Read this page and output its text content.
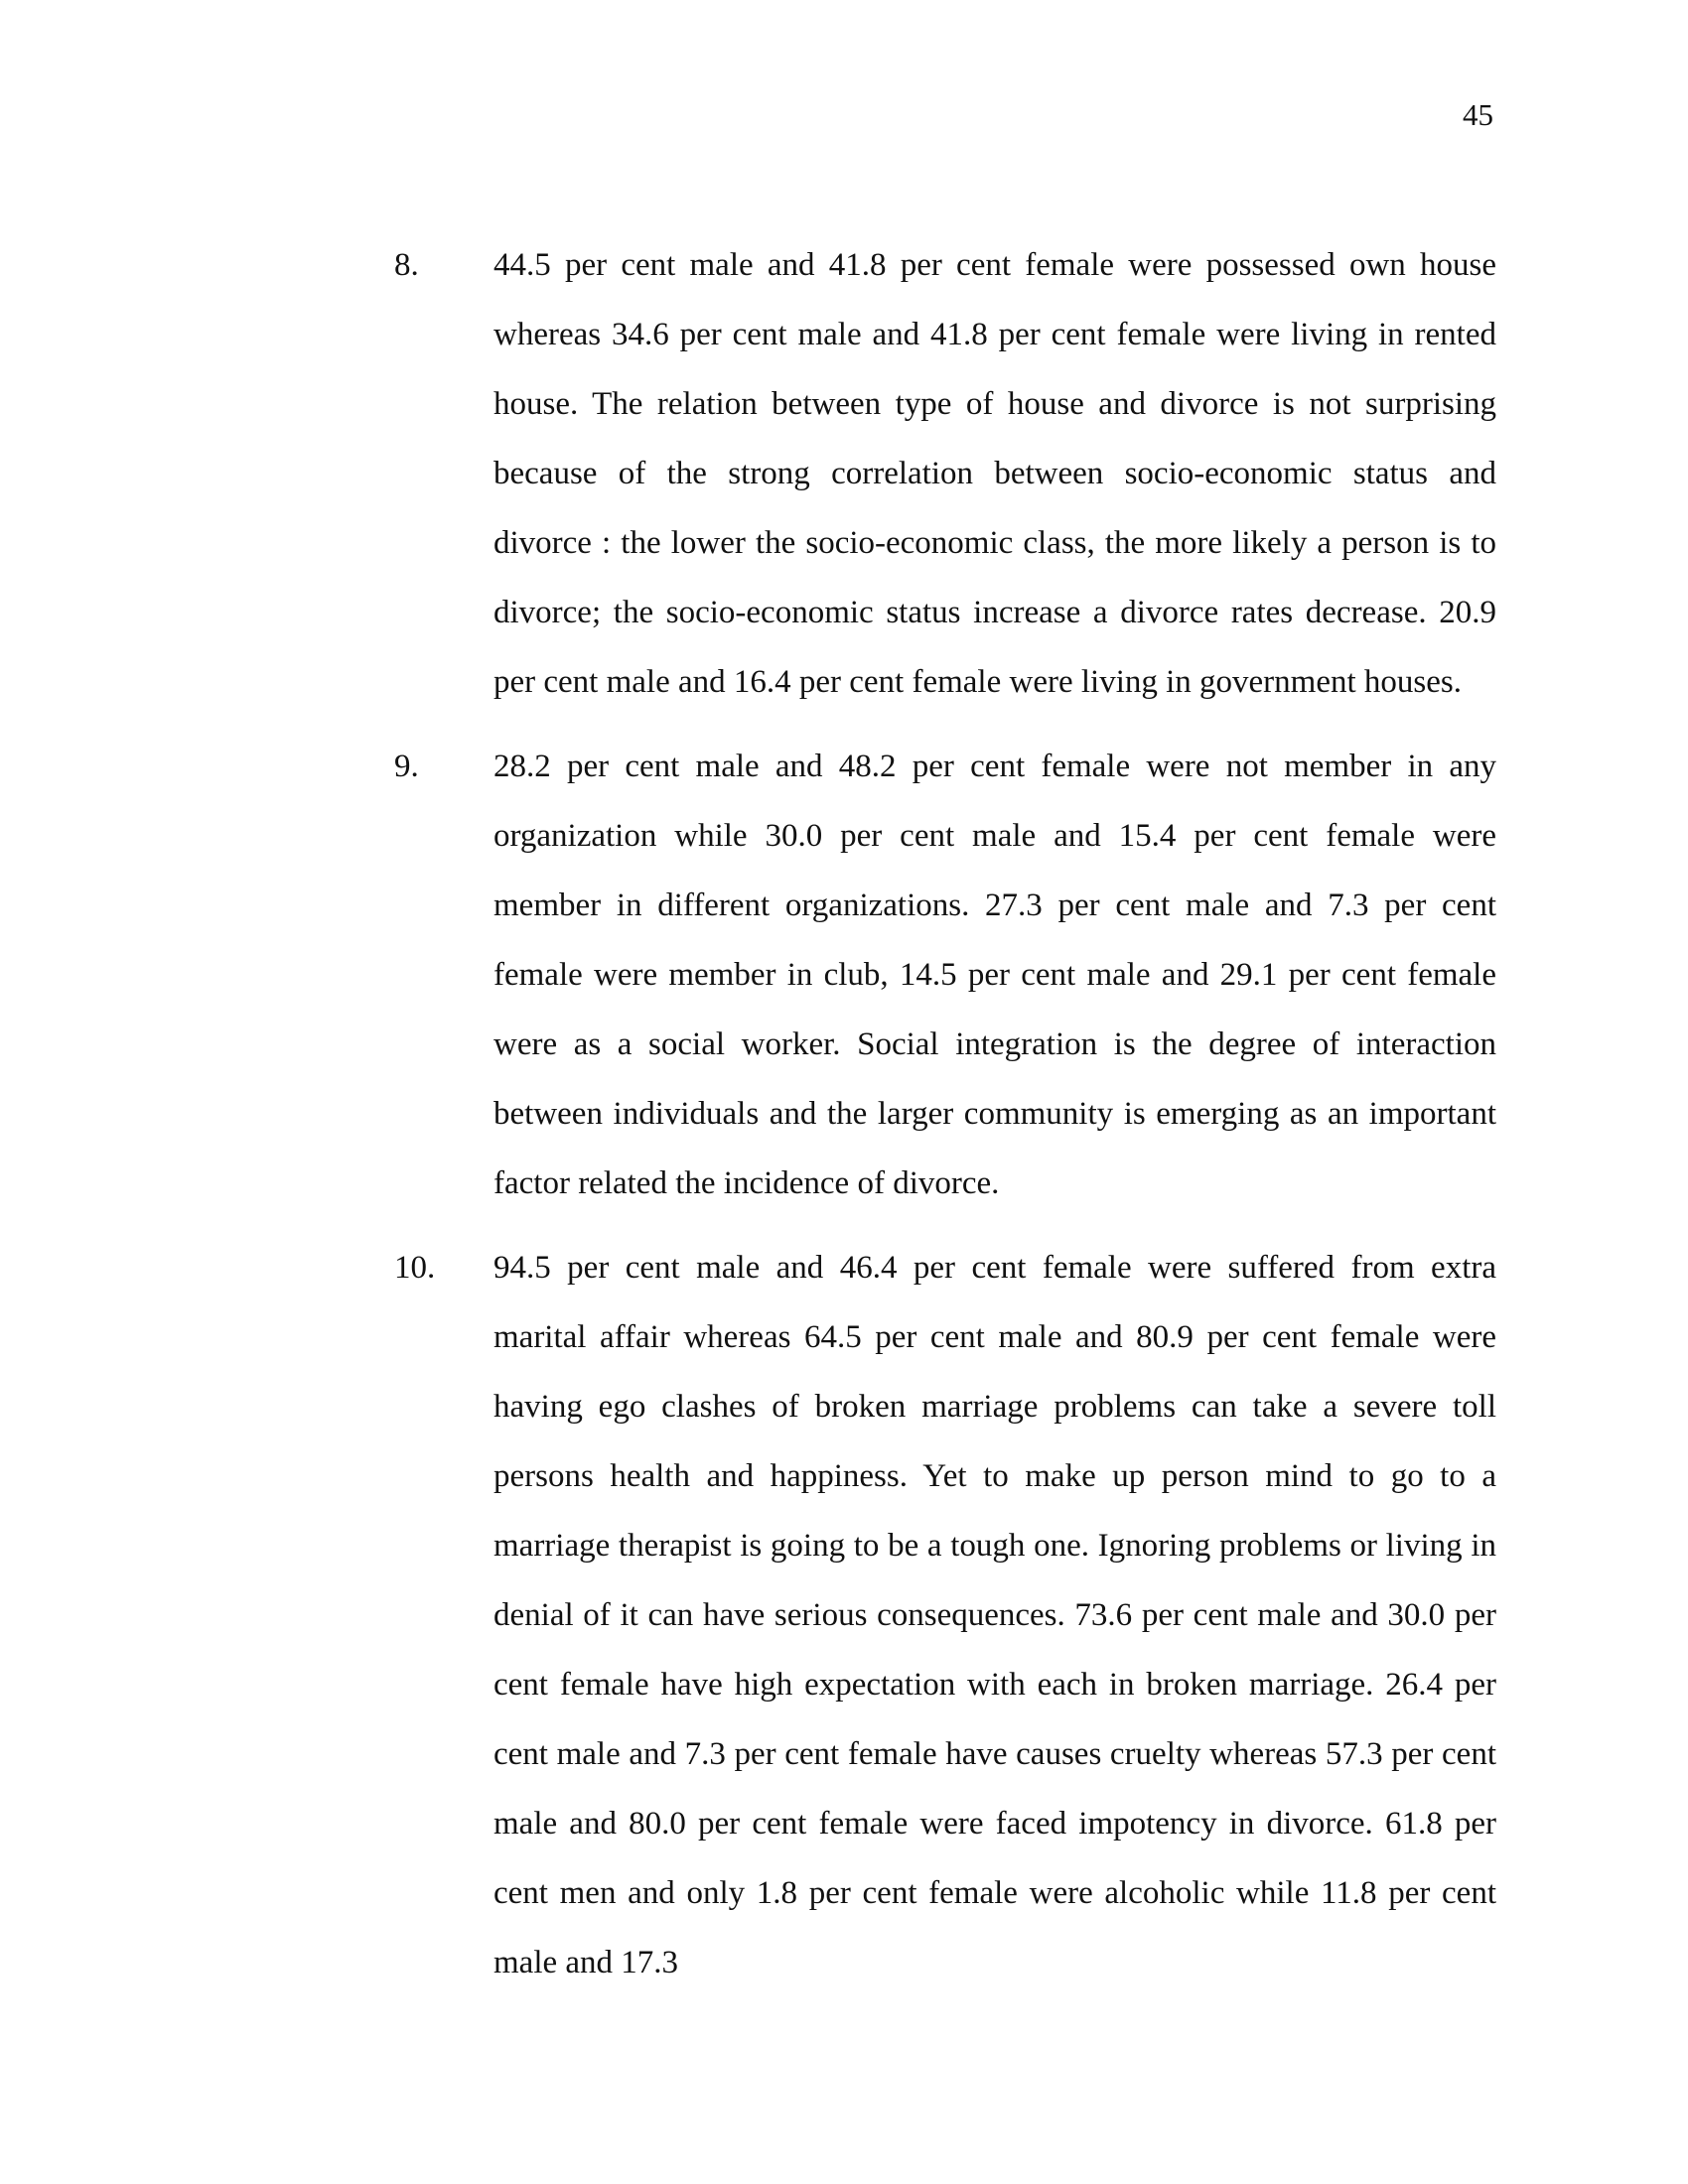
45
8. 44.5 per cent male and 41.8 per cent female were possessed own house whereas 34.6 per cent male and 41.8 per cent female were living in rented house. The relation between type of house and divorce is not surprising because of the strong correlation between socio-economic status and divorce : the lower the socio-economic class, the more likely a person is to divorce; the socio-economic status increase a divorce rates decrease. 20.9 per cent male and 16.4 per cent female were living in government houses.

9. 28.2 per cent male and 48.2 per cent female were not member in any organization while 30.0 per cent male and 15.4 per cent female were member in different organizations. 27.3 per cent male and 7.3 per cent female were member in club, 14.5 per cent male and 29.1 per cent female were as a social worker. Social integration is the degree of interaction between individuals and the larger community is emerging as an important factor related the incidence of divorce.

10. 94.5 per cent male and 46.4 per cent female were suffered from extra marital affair whereas 64.5 per cent male and 80.9 per cent female were having ego clashes of broken marriage problems can take a severe toll persons health and happiness. Yet to make up person mind to go to a marriage therapist is going to be a tough one. Ignoring problems or living in denial of it can have serious consequences. 73.6 per cent male and 30.0 per cent female have high expectation with each in broken marriage. 26.4 per cent male and 7.3 per cent female have causes cruelty whereas 57.3 per cent male and 80.0 per cent female were faced impotency in divorce. 61.8 per cent men and only 1.8 per cent female were alcoholic while 11.8 per cent male and 17.3
